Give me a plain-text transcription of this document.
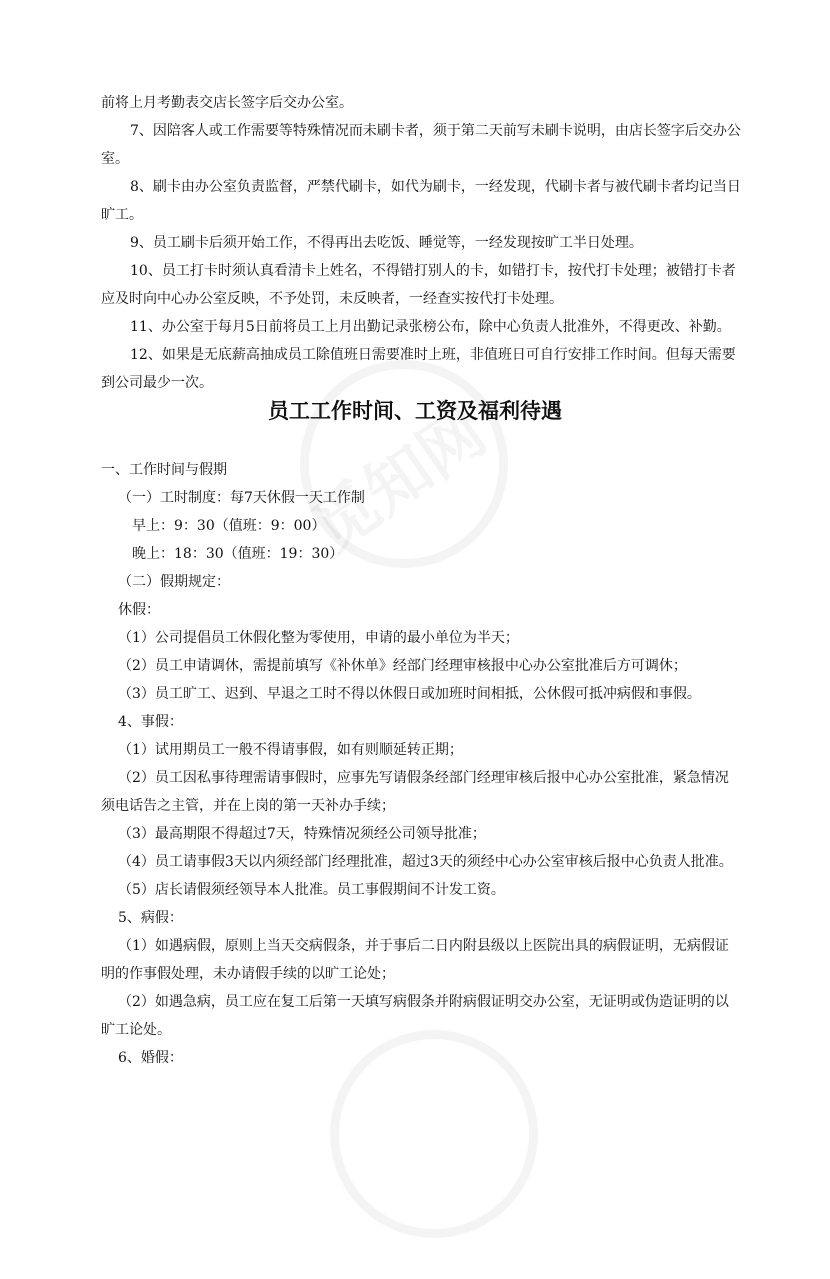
前将上月考勤表交店长签字后交办公室。
7、因陪客人或工作需要等特殊情况而未刷卡者，须于第二天前写未刷卡说明，由店长签字后交办公
室。
8、刷卡由办公室负责监督，严禁代刷卡，如代为刷卡，一经发现，代刷卡者与被代刷卡者均记当日
旷工。
9、员工刷卡后须开始工作，不得再出去吃饭、睡觉等，一经发现按旷工半日处理。
10、员工打卡时须认真看清卡上姓名，不得错打别人的卡，如错打卡，按代打卡处理；被错打卡者
应及时向中心办公室反映，不予处罚，未反映者，一经查实按代打卡处理。
11、办公室于每月5日前将员工上月出勤记录张榜公布，除中心负责人批准外，不得更改、补勤。
12、如果是无底薪高抽成员工除值班日需要准时上班，非值班日可自行安排工作时间。但每天需要
到公司最少一次。
员工工作时间、工资及福利待遇
一、工作时间与假期
（一）工时制度：每7天休假一天工作制
早上：9：30（值班：9：00）
晚上：18：30（值班：19：30）
（二）假期规定：
休假：
（1）公司提倡员工休假化整为零使用，申请的最小单位为半天；
（2）员工申请调休，需提前填写《补休单》经部门经理审核报中心办公室批准后方可调休；
（3）员工旷工、迟到、早退之工时不得以休假日或加班时间相抵，公休假可抵冲病假和事假。
4、事假：
（1）试用期员工一般不得请事假，如有则顺延转正期；
（2）员工因私事待理需请事假时，应事先写请假条经部门经理审核后报中心办公室批准，紧急情况
须电话告之主管，并在上岗的第一天补办手续；
（3）最高期限不得超过7天，特殊情况须经公司领导批准；
（4）员工请事假3天以内须经部门经理批准，超过3天的须经中心办公室审核后报中心负责人批准。
（5）店长请假须经领导本人批准。员工事假期间不计发工资。
5、病假：
（1）如遇病假，原则上当天交病假条，并于事后二日内附县级以上医院出具的病假证明，无病假证
明的作事假处理，未办请假手续的以旷工论处；
（2）如遇急病，员工应在复工后第一天填写病假条并附病假证明交办公室，无证明或伪造证明的以
旷工论处。
6、婚假：
